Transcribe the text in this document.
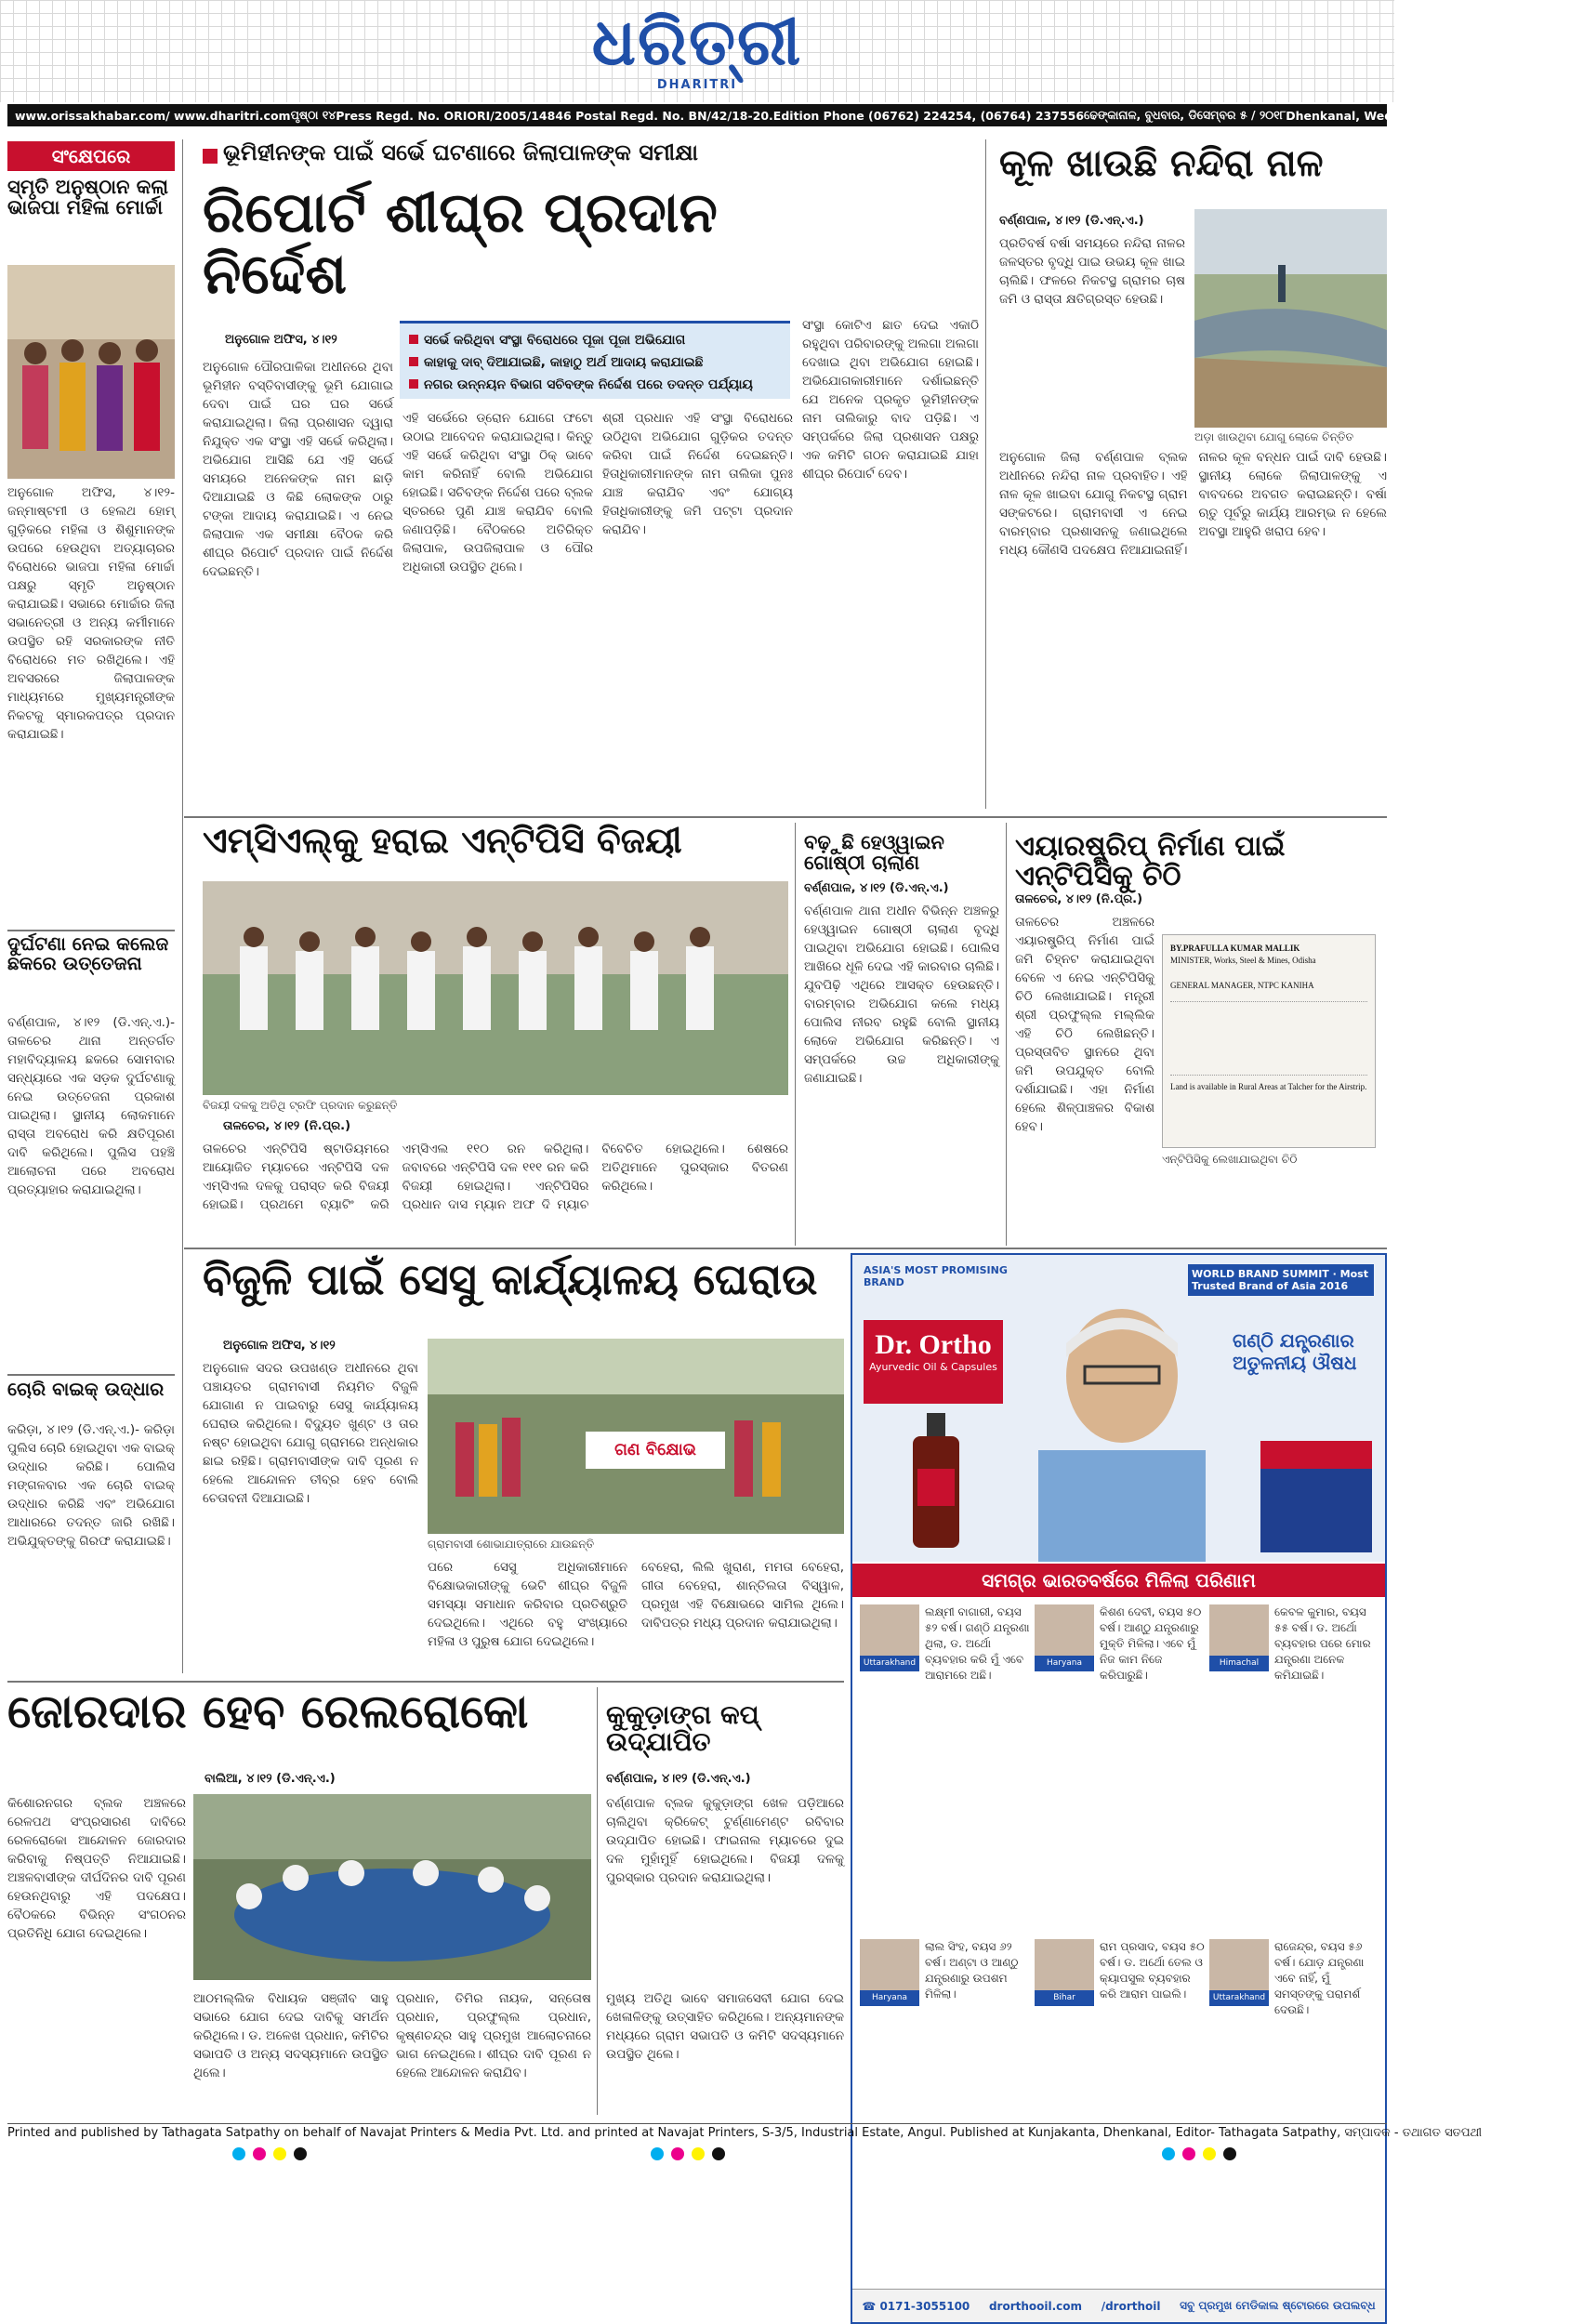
ଧରିତ୍ରୀ
DHARITRI
www.orissakhabar.com/ www.dharitri.com ପୃଷ୍ଠା ୧୪ Press Regd. No. ORIORI/2005/14846 Postal Regd. No. BN/42/18-20. Edition Phone (06762) 224254, (06764) 237556 ଢେଙ୍କାନାଳ, ବୁଧବାର, ଡିସେମ୍ବର ୫ / ୨୦୧୮ Dhenkanal, Wednesday, December 5 / 2018
ସଂକ୍ଷେପରେ
ସ୍ମୃତି ଅନୁଷ୍ଠାନ କଲା ଭାଜପା ମହିଳା ମୋର୍ଚ୍ଚା
ଅନୁଗୋଳ ଅଫିସ, ୪।୧୨- ଜନ୍ମାଷ୍ଟମୀ ଓ ହେଲଥ ହୋମ୍ ଗୁଡ଼ିକରେ ମହିଳା ଓ ଶିଶୁମାନଙ୍କ ଉପରେ ହେଉଥିବା ଅତ୍ୟାଚାରର ବିରୋଧରେ ଭାଜପା ମହିଳା ମୋର୍ଚ୍ଚା ପକ୍ଷରୁ ସ୍ମୃତି ଅନୁଷ୍ଠାନ କରାଯାଇଛି। ସଭାରେ ମୋର୍ଚ୍ଚାର ଜିଲା ସଭାନେତ୍ରୀ ଓ ଅନ୍ୟ କର୍ମୀମାନେ ଉପସ୍ଥିତ ରହି ସରକାରଙ୍କ ନୀତି ବିରୋଧରେ ମତ ରଖିଥିଲେ। ଏହି ଅବସରରେ ଜିଲାପାଳଙ୍କ ମାଧ୍ୟମରେ ମୁଖ୍ୟମନ୍ତ୍ରୀଙ୍କ ନିକଟକୁ ସ୍ମାରକପତ୍ର ପ୍ରଦାନ କରାଯାଇଛି।
ଦୁର୍ଘଟଣା ନେଇ କଲେଜ ଛକରେ ଉତ୍ତେଜନା
ବର୍ଣ୍ଣପାଳ, ୪।୧୨ (ଡି.ଏନ୍.ଏ.)- ତାଳଚେର ଥାନା ଅନ୍ତର୍ଗତ ମହାବିଦ୍ୟାଳୟ ଛକରେ ସୋମବାର ସନ୍ଧ୍ୟାରେ ଏକ ସଡ଼କ ଦୁର୍ଘଟଣାକୁ ନେଇ ଉତ୍ତେଜନା ପ୍ରକାଶ ପାଇଥିଲା। ସ୍ଥାନୀୟ ଲୋକମାନେ ରାସ୍ତା ଅବରୋଧ କରି କ୍ଷତିପୂରଣ ଦାବି କରିଥିଲେ। ପୁଲିସ ପହଞ୍ଚି ଆଲୋଚନା ପରେ ଅବରୋଧ ପ୍ରତ୍ୟାହାର କରାଯାଇଥିଲା।
ଚୋରି ବାଇକ୍ ଉଦ୍ଧାର
କରିଡ଼ା, ୪।୧୨ (ଡି.ଏନ୍.ଏ.)- କରିଡ଼ା ପୁଲିସ ଚୋରି ହୋଇଥିବା ଏକ ବାଇକ୍ ଉଦ୍ଧାର କରିଛି। ପୋଲିସ ମଙ୍ଗଳବାର ଏକ ଚୋରି ବାଇକ୍ ଉଦ୍ଧାର କରିଛି ଏବଂ ଅଭିଯୋଗ ଆଧାରରେ ତଦନ୍ତ ଜାରି ରଖିଛି। ଅଭିଯୁକ୍ତଙ୍କୁ ଗିରଫ କରାଯାଇଛି।
ଭୂମିହୀନଙ୍କ ପାଇଁ ସର୍ଭେ ଘଟଣାରେ ଜିଲାପାଳଙ୍କ ସମୀକ୍ଷା
ରିପୋର୍ଟ ଶୀଘ୍ର ପ୍ରଦାନ ନିର୍ଦ୍ଦେଶ
ଅନୁଗୋଳ ଅଫିସ, ୪।୧୨	ସର୍ଭେ କରିଥିବା ସଂସ୍ଥା ବିରୋଧରେ ପୂଜା ପୂଜା ଅଭିଯୋଗ
କାହାକୁ ଦାବ୍ ଦିଆଯାଇଛି, କାହାଠୁ ଅର୍ଥ ଆଦାୟ କରାଯାଇଛି
ନଗର ଉନ୍ନୟନ ବିଭାଗ ସଚିବଙ୍କ ନିର୍ଦ୍ଦେଶ ପରେ ତଦନ୍ତ ପର୍ଯ୍ୟାୟ
ଅନୁଗୋଳ ପୌରପାଳିକା ଅଧୀନରେ ଥିବା ଭୂମିହୀନ ବସ୍ତିବାସୀଙ୍କୁ ଭୂମି ଯୋଗାଇ ଦେବା ପାଇଁ ଘର ଘର ସର୍ଭେ କରାଯାଇଥିଲା। ଜିଲା ପ୍ରଶାସନ ଦ୍ୱାରା ନିଯୁକ୍ତ ଏକ ସଂସ୍ଥା ଏହି ସର୍ଭେ କରିଥିଲା। ଅଭିଯୋଗ ଆସିଛି ଯେ ଏହି ସର୍ଭେ ସମୟରେ ଅନେକଙ୍କ ନାମ ଛାଡ଼ି ଦିଆଯାଇଛି ଓ କିଛି ଲୋକଙ୍କ ଠାରୁ ଟଙ୍କା ଆଦାୟ କରାଯାଇଛି। ଏ ନେଇ ଜିଲାପାଳ ଏକ ସମୀକ୍ଷା ବୈଠକ କରି ଶୀଘ୍ର ରିପୋର୍ଟ ପ୍ରଦାନ ପାଇଁ ନିର୍ଦ୍ଦେଶ ଦେଇଛନ୍ତି।
ଏହି ସର୍ଭେରେ ଡ୍ରୋନ ଯୋଗେ ଫଟୋ ଉଠାଇ ଆବେଦନ କରାଯାଇଥିଲା। କିନ୍ତୁ ଏହି ସର୍ଭେ କରିଥିବା ସଂସ୍ଥା ଠିକ୍ ଭାବେ କାମ କରିନାହିଁ ବୋଲି ଅଭିଯୋଗ ହୋଇଛି। ସଚିବଙ୍କ ନିର୍ଦ୍ଦେଶ ପରେ ବ୍ଲକ ସ୍ତରରେ ପୁଣି ଯାଞ୍ଚ କରାଯିବ ବୋଲି ଜଣାପଡ଼ିଛି। ବୈଠକରେ ଅତିରିକ୍ତ ଜିଲାପାଳ, ଉପଜିଲାପାଳ ଓ ପୌର ଅଧିକାରୀ ଉପସ୍ଥିତ ଥିଲେ।
ଶ୍ରୀ ପ୍ରଧାନ ଏହି ସଂସ୍ଥା ବିରୋଧରେ ଉଠିଥିବା ଅଭିଯୋଗ ଗୁଡ଼ିକର ତଦନ୍ତ କରିବା ପାଇଁ ନିର୍ଦ୍ଦେଶ ଦେଇଛନ୍ତି। ହିତାଧିକାରୀମାନଙ୍କ ନାମ ତାଲିକା ପୁନଃ ଯାଞ୍ଚ କରାଯିବ ଏବଂ ଯୋଗ୍ୟ ହିତାଧିକାରୀଙ୍କୁ ଜମି ପଟ୍ଟା ପ୍ରଦାନ କରାଯିବ।
ସଂସ୍ଥା କୋଟିଏ ଛାତ ଦେଇ ଏକାଠି ରହୁଥିବା ପରିବାରଙ୍କୁ ଅଲଗା ଅଲଗା ଦେଖାଇ ଥିବା ଅଭିଯୋଗ ହୋଇଛି। ଅଭିଯୋଗକାରୀମାନେ ଦର୍ଶାଇଛନ୍ତି ଯେ ଅନେକ ପ୍ରକୃତ ଭୂମିହୀନଙ୍କ ନାମ ତାଲିକାରୁ ବାଦ ପଡ଼ିଛି। ଏ ସମ୍ପର୍କରେ ଜିଲା ପ୍ରଶାସନ ପକ୍ଷରୁ ଏକ କମିଟି ଗଠନ କରାଯାଇଛି ଯାହା ଶୀଘ୍ର ରିପୋର୍ଟ ଦେବ।
କୂଳ ଖାଉଛି ନନ୍ଦିରା ନାଳ
ବର୍ଣ୍ଣପାଳ, ୪।୧୨ (ଡି.ଏନ୍.ଏ.)
ପ୍ରତିବର୍ଷ ବର୍ଷା ସମୟରେ ନନ୍ଦିରା ନାଳର ଜଳସ୍ତର ବୃଦ୍ଧି ପାଇ ଉଭୟ କୂଳ ଖାଇ ଚାଲିଛି। ଫଳରେ ନିକଟସ୍ଥ ଗ୍ରାମର ଚାଷ ଜମି ଓ ରାସ୍ତା କ୍ଷତିଗ୍ରସ୍ତ ହେଉଛି।
ଅଡ଼ା ଖାଉଥିବା ଯୋଗୁ ଲୋକେ ଚିନ୍ତିତ
ଅନୁଗୋଳ ଜିଲା ବର୍ଣ୍ଣପାଳ ବ୍ଲକ ଅଧୀନରେ ନନ୍ଦିରା ନାଳ ପ୍ରବାହିତ। ଏହି ନାଳ କୂଳ ଖାଇବା ଯୋଗୁ ନିକଟସ୍ଥ ଗ୍ରାମ ସଙ୍କଟରେ। ଗ୍ରାମବାସୀ ଏ ନେଇ ବାରମ୍ବାର ପ୍ରଶାସନକୁ ଜଣାଇଥିଲେ ମଧ୍ୟ କୌଣସି ପଦକ୍ଷେପ ନିଆଯାଇନାହିଁ। ନାଳର କୂଳ ବନ୍ଧନ ପାଇଁ ଦାବି ହେଉଛି। ସ୍ଥାନୀୟ ଲୋକେ ଜିଲାପାଳଙ୍କୁ ଏ ବାବଦରେ ଅବଗତ କରାଇଛନ୍ତି। ବର୍ଷା ଋତୁ ପୂର୍ବରୁ କାର୍ଯ୍ୟ ଆରମ୍ଭ ନ ହେଲେ ଅବସ୍ଥା ଆହୁରି ଖରାପ ହେବ।
ଏମ୍‌ସିଏଲ୍‌କୁ ହରାଇ ଏନ୍‌ଟିପିସି ବିଜୟୀ
ବିଜୟୀ ଦଳକୁ ଅତିଥି ଟ୍ରଫି ପ୍ରଦାନ କରୁଛନ୍ତି
ତାଳଚେର, ୪।୧୨ (ନି.ପ୍ର.)
ତାଳଚେର ଏନ୍‌ଟିପିସି ଷ୍ଟାଡିୟମରେ ଆୟୋଜିତ ମ୍ୟାଚରେ ଏନ୍‌ଟିପିସି ଦଳ ଏମ୍‌ସିଏଲ ଦଳକୁ ପରାସ୍ତ କରି ବିଜୟୀ ହୋଇଛି। ପ୍ରଥମେ ବ୍ୟାଟିଂ କରି ଏମ୍‌ସିଏଲ ୧୧୦ ରନ କରିଥିଲା। ଜବାବରେ ଏନ୍‌ଟିପିସି ଦଳ ୧୧୧ ରନ କରି ବିଜୟୀ ହୋଇଥିଲା। ଏନ୍‌ଟିପିସିର ପ୍ରଧାନ ଦାସ ମ୍ୟାନ ଅଫ ଦି ମ୍ୟାଚ ବିବେଚିତ ହୋଇଥିଲେ। ଶେଷରେ ଅତିଥିମାନେ ପୁରସ୍କାର ବିତରଣ କରିଥିଲେ।
ବଢ଼ୁଛି ହେଓ୍ୱାଇନ ଗୋଷ୍ଠୀ ଚାଲାଣ
ବର୍ଣ୍ଣପାଳ, ୪।୧୨ (ଡି.ଏନ୍.ଏ.)
ବର୍ଣ୍ଣପାଳ ଥାନା ଅଧୀନ ବିଭିନ୍ନ ଅଞ୍ଚଳରୁ ହେଓ୍ୱାଇନ ଗୋଷ୍ଠୀ ଚାଲାଣ ବୃଦ୍ଧି ପାଇଥିବା ଅଭିଯୋଗ ହୋଇଛି। ପୋଲିସ ଆଖିରେ ଧୂଳି ଦେଇ ଏହି କାରବାର ଚାଲିଛି। ଯୁବପିଢ଼ି ଏଥିରେ ଆସକ୍ତ ହେଉଛନ୍ତି। ବାରମ୍ବାର ଅଭିଯୋଗ କଲେ ମଧ୍ୟ ପୋଲିସ ନୀରବ ରହୁଛି ବୋଲି ସ୍ଥାନୀୟ ଲୋକେ ଅଭିଯୋଗ କରିଛନ୍ତି। ଏ ସମ୍ପର୍କରେ ଉଚ୍ଚ ଅଧିକାରୀଙ୍କୁ ଜଣାଯାଇଛି।
ଏୟାରଷ୍ଟ୍ରିପ୍ ନିର୍ମାଣ ପାଇଁ ଏନ୍‌ଟିପିସିକୁ ଚିଠି
ତାଳଚେର, ୪।୧୨ (ନି.ପ୍ର.)
ତାଳଚେର ଅଞ୍ଚଳରେ ଏୟାରଷ୍ଟ୍ରିପ୍ ନିର୍ମାଣ ପାଇଁ ଜମି ଚିହ୍ନଟ କରାଯାଇଥିବା ବେଳେ ଏ ନେଇ ଏନ୍‌ଟିପିସିକୁ ଚିଠି ଲେଖାଯାଇଛି। ମନ୍ତ୍ରୀ ଶ୍ରୀ ପ୍ରଫୁଲ୍ଲ ମଲ୍ଲିକ ଏହି ଚିଠି ଲେଖିଛନ୍ତି। ପ୍ରସ୍ତାବିତ ସ୍ଥାନରେ ଥିବା ଜମି ଉପଯୁକ୍ତ ବୋଲି ଦର୍ଶାଯାଇଛି। ଏହା ନିର୍ମାଣ ହେଲେ ଶିଳ୍ପାଞ୍ଚଳର ବିକାଶ ହେବ।
BY.PRAFULLA KUMAR MALLIK
MINISTER, Works, Steel & Mines, Odisha
GENERAL MANAGER, NTPC KANIHA
Land is available in Rural Areas at Talcher for the Airstrip.
ଏନ୍‌ଟିପିସିକୁ ଲେଖାଯାଇଥିବା ଚିଠି
ବିଜୁଳି ପାଇଁ ସେସୁ କାର୍ଯ୍ୟାଳୟ ଘେରାଉ
ଅନୁଗୋଳ ଅଫିସ, ୪।୧୨
ଅନୁଗୋଳ ସଦର ଉପଖଣ୍ଡ ଅଧୀନରେ ଥିବା ପଞ୍ଚାୟତର ଗ୍ରାମବାସୀ ନିୟମିତ ବିଜୁଳି ଯୋଗାଣ ନ ପାଇବାରୁ ସେସୁ କାର୍ଯ୍ୟାଳୟ ଘେରାଉ କରିଥିଲେ। ବିଦ୍ୟୁତ ଖୁଣ୍ଟ ଓ ତାର ନଷ୍ଟ ହୋଇଥିବା ଯୋଗୁ ଗ୍ରାମରେ ଅନ୍ଧକାର ଛାଇ ରହିଛି। ଗ୍ରାମବାସୀଙ୍କ ଦାବି ପୂରଣ ନ ହେଲେ ଆନ୍ଦୋଳନ ତୀବ୍ର ହେବ ବୋଲି ଚେତାବନୀ ଦିଆଯାଇଛି।
ଗଣ ବିକ୍ଷୋଭ
ଗ୍ରାମବାସୀ ଶୋଭାଯାତ୍ରାରେ ଯାଉଛନ୍ତି
ପରେ ସେସୁ ଅଧିକାରୀମାନେ ବିକ୍ଷୋଭକାରୀଙ୍କୁ ଭେଟି ଶୀଘ୍ର ବିଜୁଳି ସମସ୍ୟା ସମାଧାନ କରିବାର ପ୍ରତିଶ୍ରୁତି ଦେଇଥିଲେ। ଏଥିରେ ବହୁ ସଂଖ୍ୟାରେ ମହିଳା ଓ ପୁରୁଷ ଯୋଗ ଦେଇଥିଲେ।
ବେହେରା, ଲିଲି ଖୁରାଣ, ମମତା ବେହେରା, ଗୀତା ବେହେରା, ଶାନ୍ତିଲତା ବିସ୍ୱାଳ, ପ୍ରମୁଖ ଏହି ବିକ୍ଷୋଭରେ ସାମିଲ ଥିଲେ। ଦାବିପତ୍ର ମଧ୍ୟ ପ୍ରଦାନ କରାଯାଇଥିଲା।
ଜୋରଦାର ହେବ ରେଲରୋକୋ
ବାଲିଆ, ୪।୧୨ (ଡି.ଏନ୍.ଏ.)
କିଶୋରନଗର ବ୍ଲକ ଅଞ୍ଚଳରେ ରେଳପଥ ସଂପ୍ରସାରଣ ଦାବିରେ ରେଳରୋକୋ ଆନ୍ଦୋଳନ ଜୋରଦାର କରିବାକୁ ନିଷ୍ପତ୍ତି ନିଆଯାଇଛି। ଅଞ୍ଚଳବାସୀଙ୍କ ଦୀର୍ଘଦିନର ଦାବି ପୂରଣ ହେଉନଥିବାରୁ ଏହି ପଦକ୍ଷେପ। ବୈଠକରେ ବିଭିନ୍ନ ସଂଗଠନର ପ୍ରତିନିଧି ଯୋଗ ଦେଇଥିଲେ।
ଆଠମଲ୍ଲିକ ବିଧାୟକ ସଞ୍ଜୀବ ସାହୁ ସଭାରେ ଯୋଗ ଦେଇ ଦାବିକୁ ସମର୍ଥନ କରିଥିଲେ। ଡ. ଅଳେଖ ପ୍ରଧାନ, କମିଟିର ସଭାପତି ଓ ଅନ୍ୟ ସଦସ୍ୟମାନେ ଉପସ୍ଥିତ ଥିଲେ।
ପ୍ରଧାନ, ତିମିର ନାୟକ, ସନ୍ତୋଷ ପ୍ରଧାନ, ପ୍ରଫୁଲ୍ଲ ପ୍ରଧାନ, କୃଷ୍ଣଚନ୍ଦ୍ର ସାହୁ ପ୍ରମୁଖ ଆଲୋଚନାରେ ଭାଗ ନେଇଥିଲେ। ଶୀଘ୍ର ଦାବି ପୂରଣ ନ ହେଲେ ଆନ୍ଦୋଳନ କରାଯିବ।
କୁକୁଡ଼ାଙ୍ଗ କପ୍ ଉଦ୍‌ଯାପିତ
ବର୍ଣ୍ଣପାଳ, ୪।୧୨ (ଡି.ଏନ୍.ଏ.)
ବର୍ଣ୍ଣପାଳ ବ୍ଲକ କୁକୁଡ଼ାଙ୍ଗ ଖେଳ ପଡ଼ିଆରେ ଚାଲିଥିବା କ୍ରିକେଟ୍ ଟୁର୍ଣ୍ଣାମେଣ୍ଟ ରବିବାର ଉଦ୍‌ଯାପିତ ହୋଇଛି। ଫାଇନାଲ ମ୍ୟାଚରେ ଦୁଇ ଦଳ ମୁହାଁମୁହିଁ ହୋଇଥିଲେ। ବିଜୟୀ ଦଳକୁ ପୁରସ୍କାର ପ୍ରଦାନ କରାଯାଇଥିଲା।
ମୁଖ୍ୟ ଅତିଥି ଭାବେ ସମାଜସେବୀ ଯୋଗ ଦେଇ ଖେଳାଳିଙ୍କୁ ଉତ୍ସାହିତ କରିଥିଲେ। ଅନ୍ୟମାନଙ୍କ ମଧ୍ୟରେ ଗ୍ରାମ ସଭାପତି ଓ କମିଟି ସଦସ୍ୟମାନେ ଉପସ୍ଥିତ ଥିଲେ।
ASIA'S MOST PROMISING BRAND
WORLD BRAND SUMMIT · Most Trusted Brand of Asia 2016
Dr. Ortho
Ayurvedic Oil & Capsules
ଗଣ୍ଠି ଯନ୍ତ୍ରଣାର ଅତୁଳନୀୟ ଔଷଧ
ସମଗ୍ର ଭାରତବର୍ଷରେ ମିଳିଲା ପରିଣାମ
Uttarakhand
ଲକ୍ଷ୍ମୀ ବାଗାରୀ, ବୟସ ୫୨ ବର୍ଷ। ଗଣ୍ଠି ଯନ୍ତ୍ରଣା ଥିଲା, ଡ. ଅର୍ଥୋ ବ୍ୟବହାର କରି ମୁଁ ଏବେ ଆରାମରେ ଅଛି।
Haryana
କିଶଣ ଦେବୀ, ବୟସ ୫୦ ବର୍ଷ। ଆଣ୍ଠୁ ଯନ୍ତ୍ରଣାରୁ ମୁକ୍ତି ମିଳିଲା। ଏବେ ମୁଁ ନିଜ କାମ ନିଜେ କରିପାରୁଛି।
Himachal
କେବଳ କୁମାର, ବୟସ ୫୫ ବର୍ଷ। ଡ. ଅର୍ଥୋ ବ୍ୟବହାର ପରେ ମୋର ଯନ୍ତ୍ରଣା ଅନେକ କମିଯାଇଛି।
Haryana
ଲାଲ ସିଂହ, ବୟସ ୬୨ ବର୍ଷ। ଅଣ୍ଟା ଓ ଆଣ୍ଠୁ ଯନ୍ତ୍ରଣାରୁ ଉପଶମ ମିଳିଲା।	Bihar
ରାମ ପ୍ରସାଦ, ବୟସ ୫୦ ବର୍ଷ। ଡ. ଅର୍ଥୋ ତେଲ ଓ କ୍ୟାପସୁଲ ବ୍ୟବହାର କରି ଆରାମ ପାଇଲି।	Uttarakhand
ରାଜେନ୍ଦ୍ର, ବୟସ ୫୬ ବର୍ଷ। ଯୋଡ଼ ଯନ୍ତ୍ରଣା ଏବେ ନାହିଁ, ମୁଁ ସମସ୍ତଙ୍କୁ ପରାମର୍ଶ ଦେଉଛି।
☎ 0171-3055100 drorthooil.com /drorthoil ସବୁ ପ୍ରମୁଖ ମେଡିକାଲ ଷ୍ଟୋରରେ ଉପଲବ୍ଧ
Printed and published by Tathagata Satpathy on behalf of Navajat Printers & Media Pvt. Ltd. and printed at Navajat Printers, S-3/5, Industrial Estate, Angul. Published at Kunjakanta, Dhenkanal, Editor- Tathagata Satpathy, ସମ୍ପାଦକ - ତଥାଗତ ସତପଥୀ
